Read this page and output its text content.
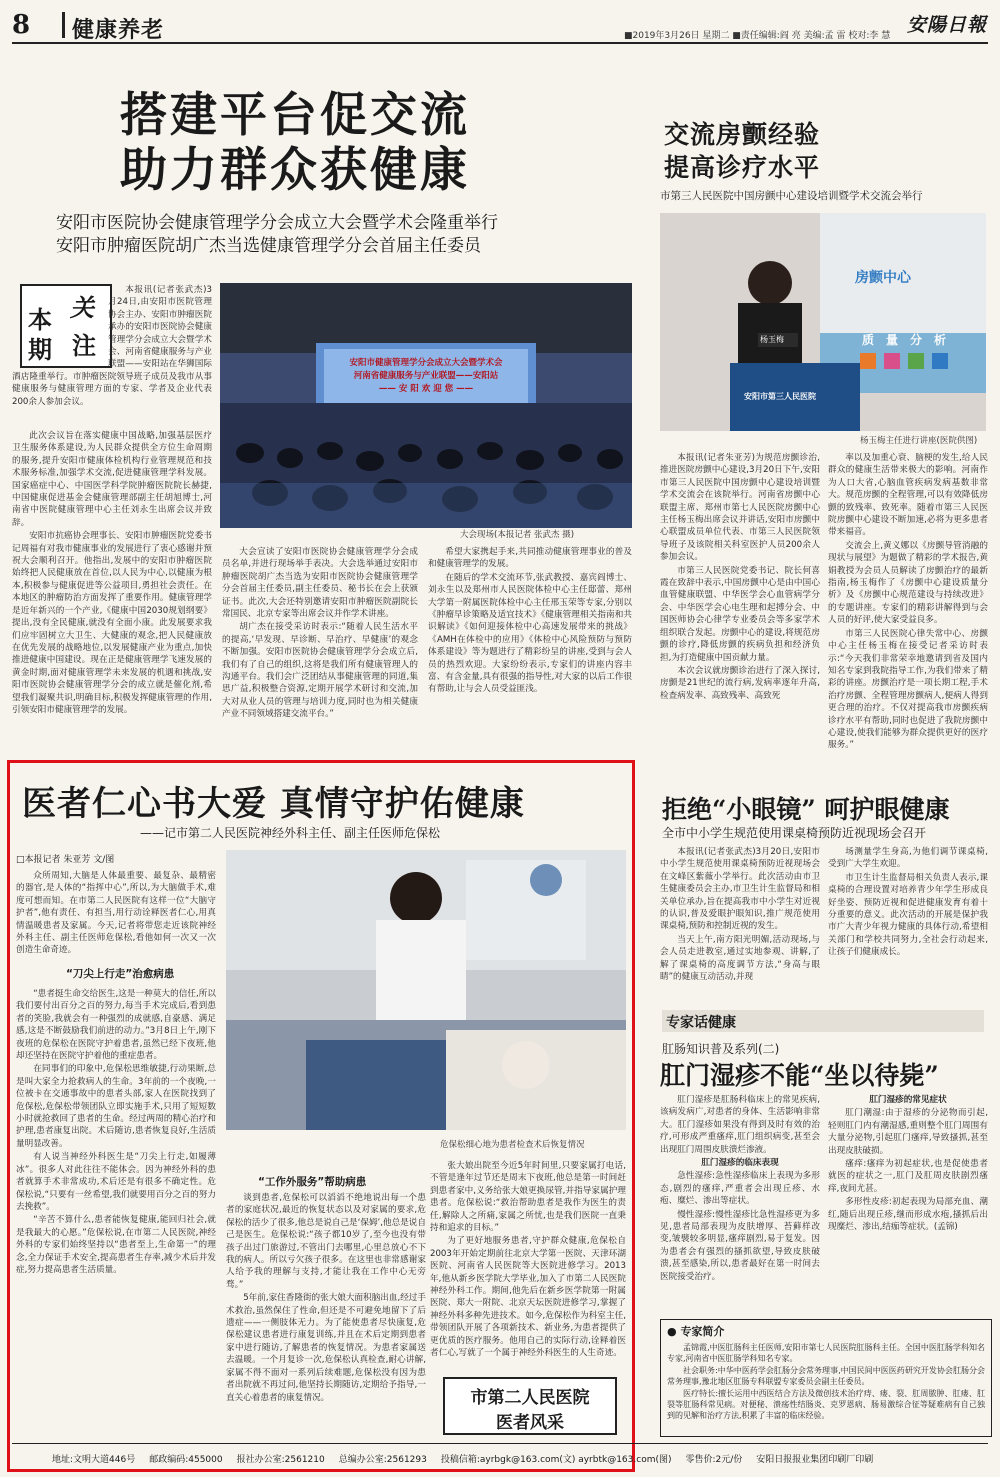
8	健康养老	■2019年3月26日 星期二 ■责任编辑:阎 亮 美编:孟 雷 校对:李 慧 安陽日報
搭建平台促交流
助力群众获健康
安阳市医院协会健康管理学分会成立大会暨学术会隆重举行
安阳市肿瘤医院胡广杰当选健康管理学分会首届主任委员
本
期
关
注

本报讯(记者张武杰)3月24日,由安阳市医院管理协会主办、安阳市肿瘤医院承办的安阳市医院协会健康管理学分会成立大会暨学术会、河南省健康服务与产业联盟——安阳站在华狮国际酒店隆重举行。市肿瘤医院领导班子成员及我市从事健康服务与健康管理方面的专家、学者及企业代表200余人参加会议。

此次会议旨在落实健康中国战略,加强基层医疗卫生服务体系建设,为人民群众提供全方位生命周期的服务,提升安阳市健康体检机构行业管理规范和技术服务标准,加强学术交流,促进健康管理学科发展。国家癌症中心、中国医学科学院肿瘤医院院长赫捷,中国健康促进基金会健康管理部副主任胡旭博士,河南省中医院健康管理中心主任刘永生出席会议并致辞。

安阳市抗癌协会理事长、安阳市肿瘤医院党委书记周福有对我市健康事业的发展进行了衷心感谢并预祝大会顺利召开。他指出,发展中的安阳市肿瘤医院始终把人民健康放在首位,以人民为中心,以健康为根本,积极参与健康促进等公益项目,勇担社会责任。在本地区的肿瘤防治方面发挥了重要作用。健康管理学是近年新兴的一个产业,《健康中国2030规划纲要》提出,没有全民健康,就没有全面小康。此发展要求我们应牢固树立大卫生、大健康的观念,把人民健康放在优先发展的战略地位,以发展健康产业为重点,加快推进健康中国建设。现在正是健康管理学飞速发展的黄金时期,面对健康管理学未来发展的机遇和挑战,安阳市医院协会健康管理学分会的成立就是催化剂,希望我们凝聚共识,明确目标,积极发挥健康管理的作用,引领安阳市健康管理学的发展。

安阳市健康管理学分会成立大会暨学术会
河南省健康服务与产业联盟——安阳站
—— 安 阳 欢 迎 您 ——
大会现场(本报记者 张武杰 摄)

大会宣读了安阳市医院协会健康管理学分会成员名单,并进行现场举手表决。大会选举通过安阳市肿瘤医院胡广杰当选为安阳市医院协会健康管理学分会首届主任委员,副主任委员、秘书长在会上获颁证书。此次,大会还特别邀请安阳市肿瘤医院副院长常国民、北京专家等出席会议并作学术讲座。

胡广杰在接受采访时表示:“随着人民生活水平的提高,‘早发现、早诊断、早治疗、早健康’的观念不断加强。安阳市医院协会健康管理学分会成立后,我们有了自己的组织,这将是我们所有健康管理人的沟通平台。我们会广泛团结从事健康管理的同道,集思广益,积极整合资源,定期开展学术研讨和交流,加大对从业人员的管理与培训力度,同时也为相关健康产业不同领域搭建交流平台。”

希望大家携起手来,共同推动健康管理事业的普及和健康管理学的发展。

在随后的学术交流环节,张武教授、嘉宾阎博士、刘永生以及郑州市人民医院体检中心主任邸蕾、郑州大学第一附属医院体检中心主任邢玉荣等专家,分别以《肿瘤早诊策略及适宜技术》《健康管理相关指南和共识解读》《如何迎接体检中心高速发展带来的挑战》《AMH在体检中的应用》《体检中心风险预防与预防体系建设》等为题进行了精彩纷呈的讲座,受到与会人员的热烈欢迎。大家纷纷表示,专家们的讲座内容丰富、有含金量,具有很强的指导性,对大家的以后工作很有帮助,让与会人员受益匪浅。

交流房颤经验
提高诊疗水平
市第三人民医院中国房颤中心建设培训暨学术交流会举行
房颤中心
质量分析
杨玉梅
安阳市第三人民医院
杨玉梅主任进行讲座(医院供图)

本报讯(记者朱亚芳)为规范房颤诊治,推进医院房颤中心建设,3月20日下午,安阳市第三人民医院中国房颤中心建设培训暨学术交流会在该院举行。河南省房颤中心联盟主席、郑州市第七人民医院房颤中心主任杨玉梅出席会议并讲话,安阳市房颤中心联盟成员单位代表、市第三人民医院领导班子及该院相关科室医护人员200余人参加会议。

市第三人民医院党委书记、院长何喜霞在致辞中表示,中国房颤中心是由中国心血管健康联盟、中华医学会心血管病学分会、中华医学会心电生理和起搏分会、中国医师协会心律学专业委员会等多家学术组织联合发起。房颤中心的建设,将规范房颤的诊疗,降低房颤的疾病负担和经济负担,为打造健康中国贡献力量。

本次会议就房颤诊治进行了深入探讨,房颤是21世纪的流行病,发病率逐年升高,检查病发率、高致残率、高致死

率以及加重心衰、脑梗的发生,给人民群众的健康生活带来极大的影响。河南作为人口大省,心脑血管疾病发病基数非常大。规范房颤的全程管理,可以有效降低房颤的致残率、致死率。随着市第三人民医院房颤中心建设不断加速,必将为更多患者带来福音。

交流会上,黄义娜以《房颤导管消融的现状与展望》为题做了精彩的学术报告,黄娟教授为会员人员解读了房颤治疗的最新指南,杨玉梅作了《房颤中心建设质量分析》及《房颤中心规范建设与持续改进》的专题讲座。专家们的精彩讲解得到与会人员的好评,使大家受益良多。

市第三人民医院心律失常中心、房颤中心主任杨玉梅在接受记者采访时表示:“今天我们非常荣幸地邀请到省及国内知名专家到我院指导工作,为我们带来了精彩的讲座。房颤治疗是一项长期工程,手术治疗房颤、全程管理房颤病人,便病人得到更合理的治疗。不仅对提高我市房颤疾病诊疗水平有帮助,同时也促进了我院房颤中心建设,使我们能够为群众提供更好的医疗服务。”

医者仁心书大爱 真情守护佑健康
——记市第二人民医院神经外科主任、副主任医师危保松
□本报记者 朱亚芳 文/图

众所周知,大脑是人体最重要、最复杂、最精密的器官,是人体的“指挥中心”,所以,为大脑做手术,难度可想而知。在市第二人民医院有这样一位“大脑守护者”,他有责任、有担当,用行动诠释医者仁心,用真情温暖患者及家属。今天,记者将带您走近该院神经外科主任、副主任医师危保松,看他如何一次又一次创造生命奇迹。

“刀尖上行走”治愈病患

“患者挺生命交给医生,这是一种莫大的信任,所以我们要付出百分之百的努力,每当手术完成后,看到患者的笑脸,我就会有一种强烈的成就感,自豪感、满足感,这是不断鼓励我们前进的动力。”3月8日上午,刚下夜班的危保松在医院守护着患者,虽然已经下夜班,他却还坚持在医院守护着他的重症患者。

在同事们的印象中,危保松思维敏捷,行动果断,总是叫大家全力抢救病人的生命。3年前的一个夜晚,一位被卡在交通事故中的患者头部,家人在医院找到了危保松,危保松带领团队立即实施手术,只用了短短数小时就抢救回了患者的生命。经过两周的精心治疗和护理,患者康复出院。术后随访,患者恢复良好,生活质量明显改善。

有人说当神经外科医生是“刀尖上行走,如履薄冰”。很多人对此往往不能体会。因为神经外科的患者就算手术非常成功,术后还是有很多不确定性。危保松说,“只要有一丝希望,我们就要用百分之百的努力去挽救”。

“辛苦不算什么,患者能恢复健康,能回归社会,就是我最大的心愿。”危保松说,在市第二人民医院,神经外科的专家们始终坚持以“患者至上,生命第一”的理念,全力保证手术安全,提高患者生存率,减少术后并发症,努力提高患者生活质量。

危保松细心地为患者检查术后恢复情况
“工作外服务”帮助病患

谈到患者,危保松可以滔滔不绝地说出每一个患者的家庭状况,最近的恢复状态以及对家属的要求,危保松的活少了很多,他总是说自己是‘保姆’,他总是说自己是医生。危保松说:“孩子都10岁了,至今也没有带孩子出过门旅游过,不管出门去哪里,心里总放心不下我的病人。所以亏欠孩子很多。在这里也非常感谢家人给予我的理解与支持,才能让我在工作中心无旁骛。”

5年前,家住香隆街的张大娘大面积脑出血,经过手术救治,虽然保住了性命,但还是不可避免地留下了后遗症——一侧肢体无力。为了能使患者尽快康复,危保松建议患者进行康复训练,并且在术后定期到患者家中进行随访,了解患者的恢复情况。为患者家属送去温暖。一个月复诊一次,危保松认真检查,耐心讲解,家属不得不面对一系列后续难题,危保松没有因为患者出院就不再过问,他坚持长期随访,定期给予指导,一直关心着患者的康复情况。

张大娘出院至今近5年时间里,只要家属打电话,不管是逢年过节还是周末下夜班,他总是第一时间赶到患者家中,义务给张大娘更换尿管,并指导家属护理患者。危保松说:“救治帮助患者是我作为医生的责任,解除人之所痛,家属之所忧,也是我们医院一直秉持和追求的目标。”

为了更好地服务患者,守护群众健康,危保松自2003年开始定期前往北京大学第一医院、天津环湖医院、河南省人民医院等大医院进修学习。2013年,他从新乡医学院大学毕业,加入了市第二人民医院神经外科工作。期间,他先后在新乡医学院第一附属医院、郑大一附院、北京天坛医院进修学习,掌握了神经外科多种先进技术。如今,危保松作为科室主任,带领团队开展了各项新技术、新业务,为患者提供了更优质的医疗服务。他用自己的实际行动,诠释着医者仁心,写就了一个属于神经外科医生的人生奇迹。

市第二人民医院
医者风采
拒绝“小眼镜” 呵护眼健康
全市中小学生规范使用课桌椅预防近视现场会召开

本报讯(记者张武杰)3月20日,安阳市中小学生规范使用课桌椅预防近视现场会在文峰区紫薇小学举行。此次活动由市卫生健康委员会主办,市卫生计生监督局和相关单位承办,旨在提高我市中小学生对近视的认识,普及爱眼护眼知识,推广规范使用课桌椅,预防和控制近视的发生。

当天上午,南方阳光明媚,活动现场,与会人员走进教室,通过实地参观、讲解,了解了课桌椅的高度调节方法,“身高与眼睛”的健康互动活动,并现

场测量学生身高,为他们调节课桌椅,受到广大学生欢迎。

市卫生计生监督局相关负责人表示,课桌椅的合理设置对培养青少年学生形成良好坐姿、预防近视和促进健康发育有着十分重要的意义。此次活动的开展是保护我市广大青少年视力健康的具体行动,希望相关部门和学校共同努力,全社会行动起来,让孩子们健康成长。

专家话健康
肛肠知识普及系列(二)
肛门湿疹不能“坐以待毙”

肛门湿疹是肛肠科临床上的常见疾病,该病发病广,对患者的身体、生活影响非常大。肛门湿疹如果没有得到及时有效的治疗,可形成严重瘙痒,肛门组织病变,甚至会出现肛门周围皮肤溃烂渗液。

肛门湿疹的临床表现

急性湿疹:急性湿疹临床上表现为多形态,剧烈的瘙痒,严重者会出现丘疹、水疱、糜烂、渗出等症状。

慢性湿疹:慢性湿疹比急性湿疹更为多见,患者局部表现为皮肤增厚、苔藓样改变,皱襞较多明显,瘙痒剧烈,易于复发。因为患者会有强烈的搔抓欲望,导致皮肤破溃,甚至感染,所以,患者最好在第一时间去医院接受治疗。

肛门湿疹的常见症状

肛门潮湿:由于湿疹的分泌物而引起,轻则肛门内有潮湿感,重则整个肛门周围有大量分泌物,引起肛门瘙痒,导致搔抓,甚至出现皮肤破损。

瘙痒:瘙痒为初起症状,也是促使患者就医的症状之一,肛门及肛周皮肤剧烈瘙痒,夜间尤甚。

多形性皮疹:初起表现为局部充血、潮红,随后出现丘疹,继而形成水疱,搔抓后出现糜烂、渗出,结痂等症状。(孟锦)

● 专家简介

孟锦霞,中医肛肠科主任医师,安阳市第七人民医院肛肠科主任。全国中医肛肠学科知名专家,河南省中医肛肠学科知名专家。

社会职务:中华中医药学会肛肠分会常务理事,中国民间中医医药研究开发协会肛肠分会常务理事,豫北地区肛肠专科联盟专家委员会副主任委员。

医疗特长:擅长运用中西医结合方法及微创技术治疗痔、瘘、裂、肛周脓肿、肛瘘、肛裂等肛肠科常见病。对便秘、溃疡性结肠炎、克罗恩病、肠易激综合征等疑难病有自己独到的见解和治疗方法,积累了丰富的临床经验。

地址:文明大道446号 邮政编码:455000 报社办公室:2561210 总编办公室:2561293 投稿信箱:ayrbgk@163.com(文) ayrbtk@163.com(图) 零售价:2元/份 安阳日报报业集团印刷厂印刷
